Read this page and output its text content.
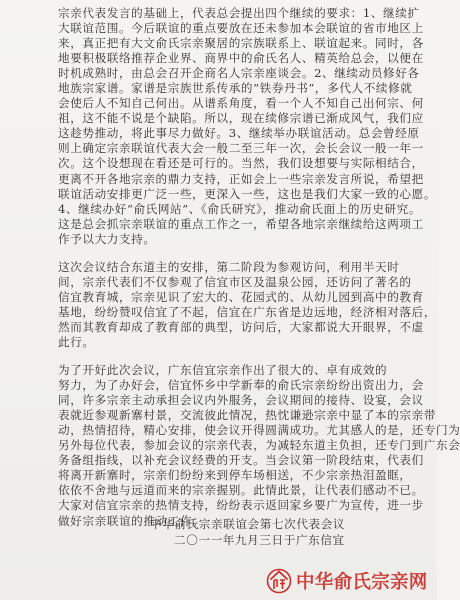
宗亲代表发言的基础上，代表总会提出四个继续的要求：1、继续扩
大联谊范围。今后联谊的重点要放在还未参加本会联谊的省市地区上
来，真正把有大文俞氏宗亲聚居的宗族联系上、联谊起来。同时，各
地要积极联络推荐企业界、商界中的俞氏名人、精英给总会，以便在
时机成熟时，由总会召开企商名人宗亲座谈会。2、继续动员修好各
地族宗家谱。家谱是宗族世系传承的“铁券丹书”，多代人不续修就
会使后人不知自己何出。从谱系角度，看一个人不知自己出何宗、何
祖，这不能不说是个缺陷。所以，现在续修宗谱已渐成风气，我们应
这趁势推动，将此事尽力做好。3、继续举办联谊活动。总会曾经原
则上确定宗亲联谊代表大会一般二至三年一次，会长会议一般一年一
次。这个设想现在看还是可行的。当然，我们设想要与实际相结合，
更离不开各地宗亲的鼎力支持，正如会上一些宗亲发言所说，希望把
联谊活动安排更广泛一些，更深入一些，这也是我们大家一致的心愿。
4、继续办好“俞氏网站”、《俞氏研究》，推动俞氏面上的历史研究。
这是总会抓宗亲联谊的重点工作之一，希望各地宗亲继续给这两项工
作予以大力支持。
这次会议结合东道主的安排，第二阶段为参观访问，利用半天时
间，宗亲代表们不仅参观了信宜市区及温泉公园，还访问了著名的
信宜教育城，宗亲见识了宏大的、花园式的、从幼儿园到高中的教育
基地，纷纷赞叹信宜了不起，信宜在广东省是边远地，经济相对落后，
然而其教育却成了教育部的典型，访问后，大家都说大开眼界，不虚
此行。
为了开好此次会议，广东信宜宗亲作出了很大的、卓有成效的
努力，为了办好会，信宜怀乡中学新奉的俞氏宗亲纷纷出资出力，会
同，许多宗亲主动承担会议内外服务，会议期间的接待、设宴，会议
表就近参观新寨村景，交流彼此情况，热忱谦逊宗亲中显了本的宗亲带
动，热情招待，精心安排，使会议开得圆满成功。尤其感人的是，还专门为
另外每位代表，参加会议的宗亲代表，为减轻东道主负担，还专门到广东会
务备组指线，以补充会议经费的开支。当会议第一阶段结束，代表们
将离开新寨时，宗亲们纷纷来到停车场相送，不少宗亲热泪盈眶，
依依不舍地与远道而来的宗亲握别。此情此景，让代表们感动不已。
大家对信宜宗亲的热情支持，纷纷表示返回家乡要广为宣传，进一步
做好宗亲联谊的推动工作。
中华俞氏宗亲联谊会第七次代表会议
二〇一一年九月三日于广东信宜
中华俞氏宗亲网
